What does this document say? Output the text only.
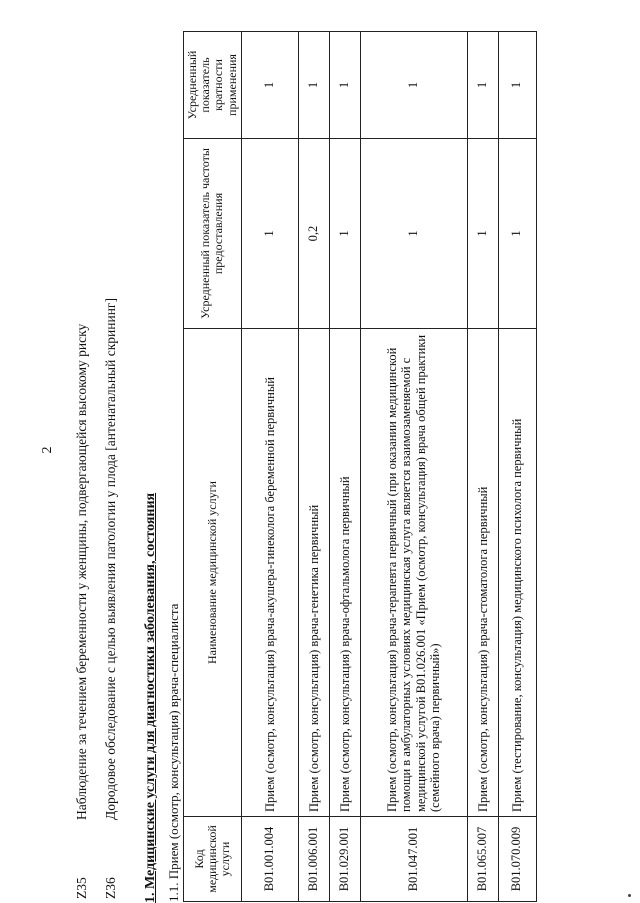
2
Z35
Наблюдение за течением беременности у женщины, подвергающейся высокому риску
Z36
Дородовое обследование с целью выявления патологии у плода [антенатальный скрининг] 1. Медицинские услуги для диагностики заболевания, состояния 1.1. Прием (осмотр, консультация) врача-специалиста Код медицинской услуги	Наименование медицинской услуги	Усредненный показатель частоты предоставления	Усредненный показатель кратности применения
B01.001.004	Прием (осмотр, консультация) врача-акушера-гинеколога беременной первичный	1	1
B01.006.001	Прием (осмотр, консультация) врача-генетика первичный	0,2	1
B01.029.001	Прием (осмотр, консультация) врача-офтальмолога первичный	1	1
B01.047.001	Прием (осмотр, консультация) врача-терапевта первичный (при оказании медицинской помощи в амбулаторных условиях медицинская услуга является взаимозаменяемой с медицинской услугой B01.026.001 «Прием (осмотр, консультация) врача общей практики (семейного врача) первичный»)	1	1
B01.065.007	Прием (осмотр, консультация) врача-стоматолога первичный	1	1
B01.070.009	Прием (тестирование, консультация) медицинского психолога первичный	1	1
